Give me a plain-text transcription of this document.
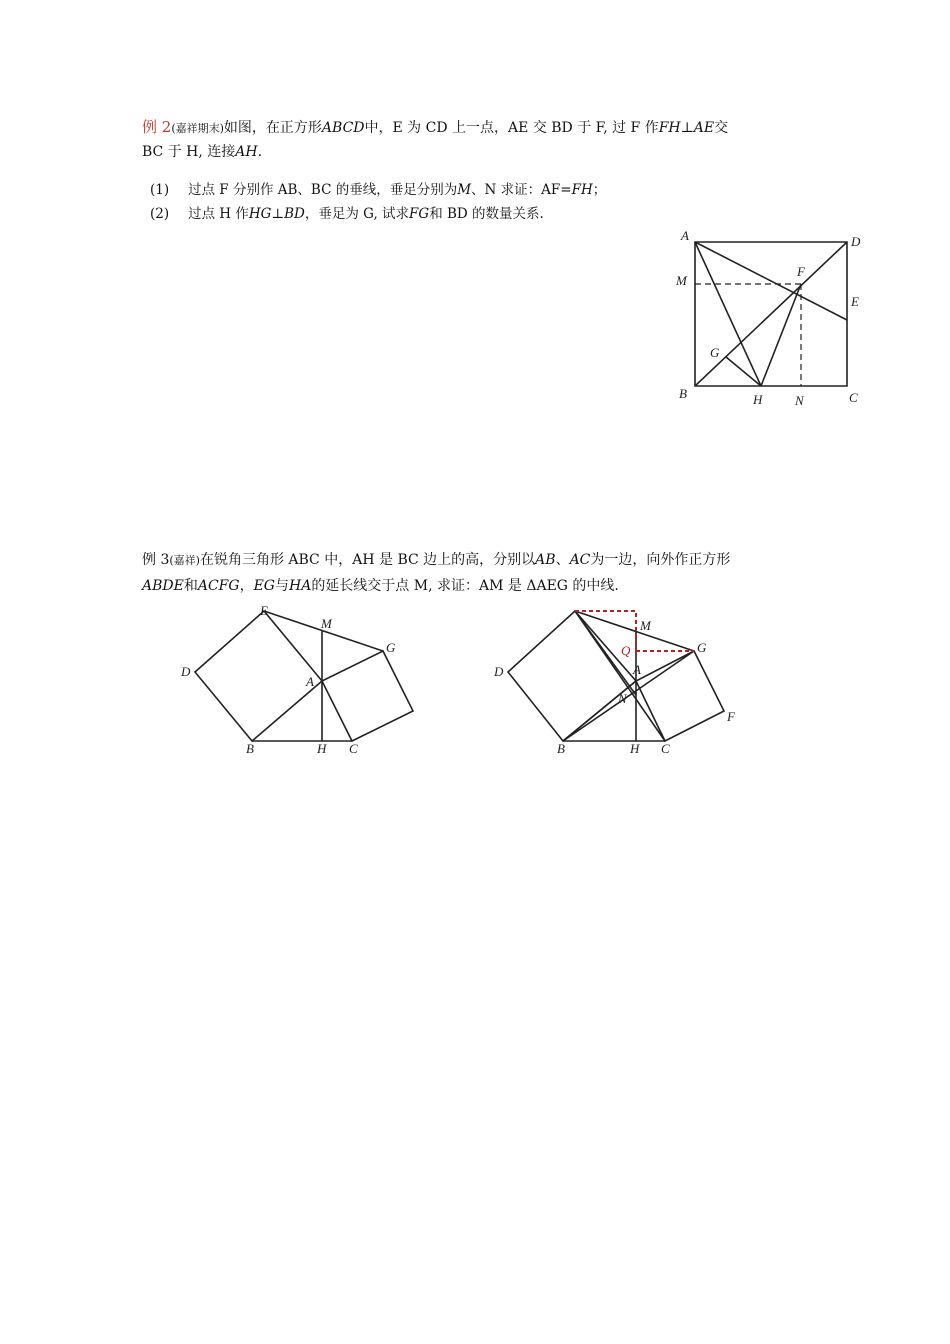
例 2(嘉祥期末)如图，在正方形ABCD中，E 为 CD 上一点，AE 交 BD 于 F, 过 F 作FH⊥AE交
BC 于 H, 连接AH.
(1) 过点 F 分别作 AB、BC 的垂线，垂足分别为M、N 求证：AF=FH；
(2) 过点 H 作HG⊥BD，垂足为 G, 试求FG和 BD 的数量关系.
A	D
M
F
E
G
B	H	N	C
例 3(嘉祥)在锐角三角形 ABC 中，AH 是 BC 边上的高，分别以AB、AC为一边，向外作正方形
ABDE和ACFG，EG与HA的延长线交于点 M, 求证：AM 是 ΔAEG 的中线.
E
M
G
D
A
B	H C
M
Q	G
D	A
N
F
B	H C
